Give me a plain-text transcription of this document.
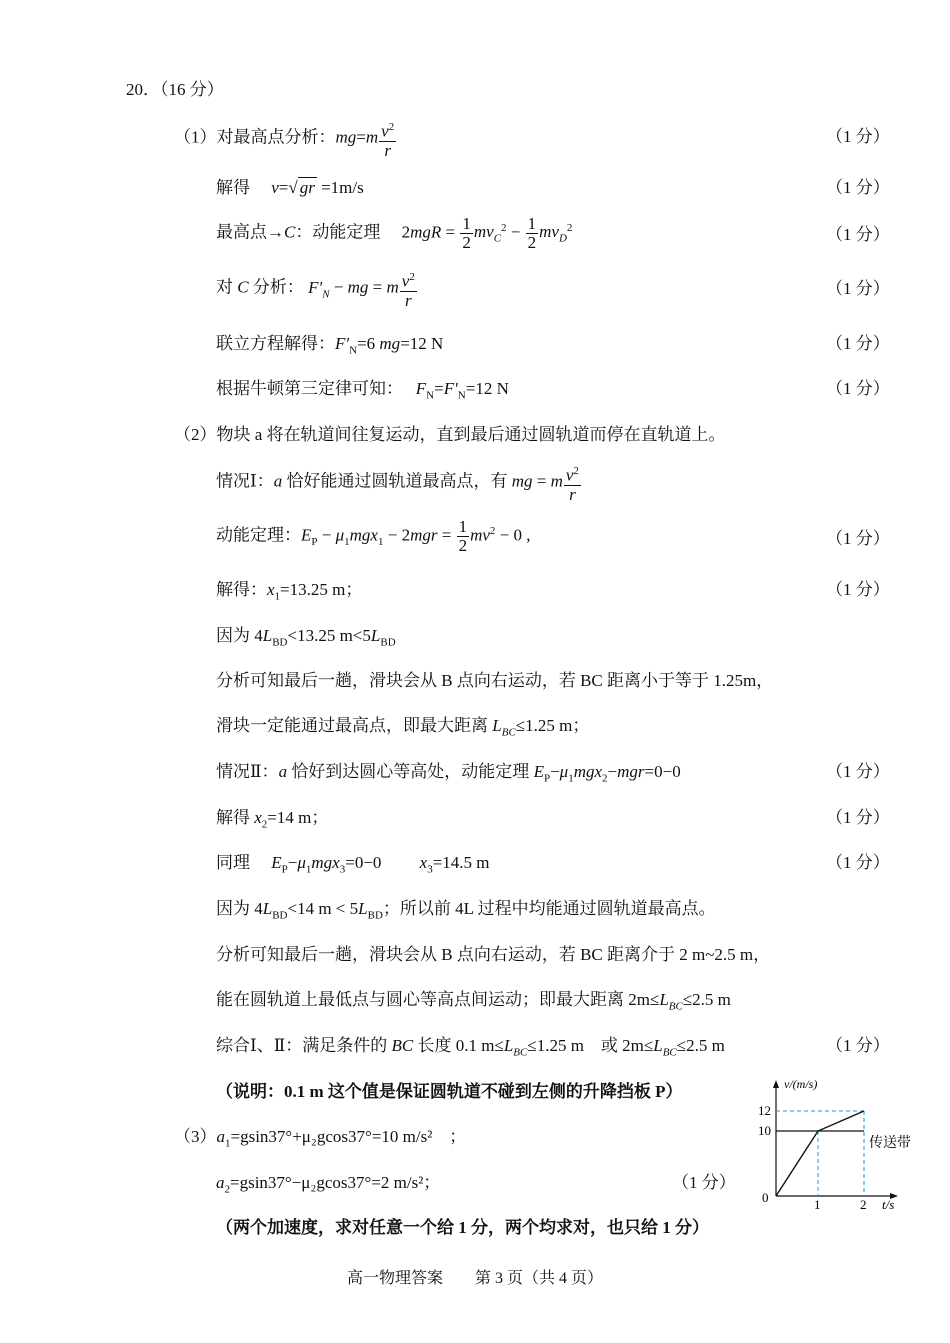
20．（16 分）
（1）对最高点分析：$mg=m \frac{v^2}{r}$	（1 分）
解得　 v=√ gr =1m/s	（1 分）
最高点→C：动能定理　 $2mgR = \frac{1}{2} mv_C^2 - \frac{1}{2} mv_D^2$	（1 分）
对 C 分析： $F'_N$ − mg = m $\frac{v^2}{r}$	（1 分）
联立方程解得：$F'_N=6$ mg=12 N	（1 分）
根据牛顿第三定律可知：　 $F_N=F'_N=12$ N	（1 分）
（2）物块 a 将在轨道间往复运动，直到最后通过圆轨道而停在直轨道上。
情况Ⅰ：a 恰好能通过圆轨道最高点，有 mg = m $\frac{v^2}{r}$
动能定理：$E_P - \mu_1mgx_1 - 2mgr = \frac{1}{2} mv^2 - 0$ ,	（1 分）
解得：$x_1=13.25$ m；	（1 分）
因为 $4L_{BD}<13.25$ $m<5L_{BD}$
分析可知最后一趟，滑块会从 B 点向右运动，若 BC 距离小于等于 1.25m，
滑块一定能通过最高点，即最大距离 $L_{BC}\le 1.25$ m；
情况Ⅱ：a 恰好到达圆心等高处，动能定理 $E_P-\mu_1mgx_2-mgr=0-0$	（1 分）
解得 $x_2=14$ m；	（1 分）
同理　 $E_P-\mu_1mgx_3=0-0$　　 $x_3=14.5$ m	（1 分）
因为 $4L_{BD}<14$ $m < 5L_{BD}$；所以前 4L 过程中均能通过圆轨道最高点。
分析可知最后一趟，滑块会从 B 点向右运动，若 BC 距离介于 2 m~2.5 m，
能在圆轨道上最低点与圆心等高点间运动；即最大距离 $2m\le L_{BC}\le 2.5$ m
综合Ⅰ、Ⅱ：满足条件的 BC 长度 0.1 $m\le L_{BC}\le 1.25$ m　或 $2m\le L_{BC}\le 2.5$ m	（1 分）
（说明：0.1 m 这个值是保证圆轨道不碰到左侧的升降挡板 P）
$(3)a_1=gsin37^\circ+\mu_2gcos37^\circ=10$ m/s²　；
$a_2=gsin37^\circ-\mu_2gcos37^\circ=2$ m/s²；	（1 分）
（两个加速度，求对任意一个给 1 分，两个均求对，也只给 1 分）
v/(m/s)
12
10
0	1	2 t/s
传送带
高一物理答案　　第 3 页（共 4 页）
